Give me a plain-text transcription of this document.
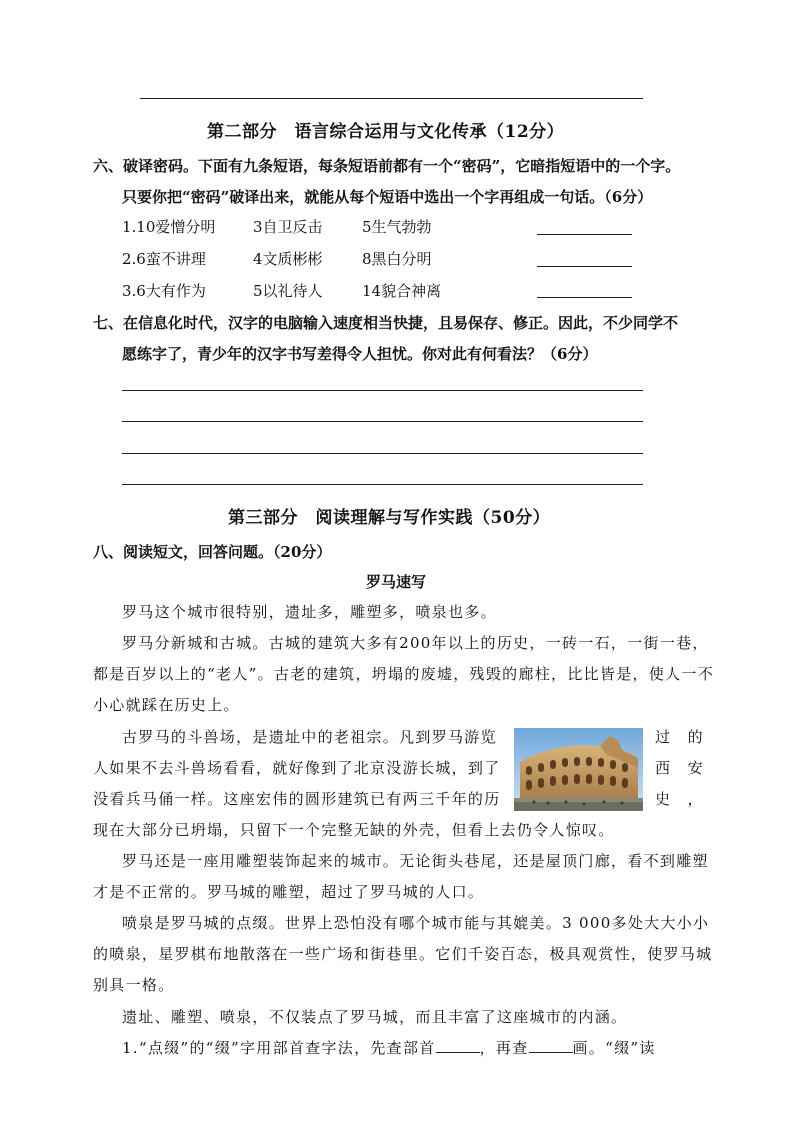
第二部分　语言综合运用与文化传承（12分）
六、破译密码。下面有九条短语，每条短语前都有一个“密码”，它暗指短语中的一个字。
只要你把“密码”破译出来，就能从每个短语中选出一个字再组成一句话。（6分）
1.10爱憎分明	3自卫反击	5生气勃勃
2.6蛮不讲理	4文质彬彬	8黑白分明
3.6大有作为	5以礼待人	14貌合神离
七、在信息化时代，汉字的电脑输入速度相当快捷，且易保存、修正。因此，不少同学不
愿练字了，青少年的汉字书写差得令人担忧。你对此有何看法？（6分）
第三部分　阅读理解与写作实践（50分）
八、阅读短文，回答问题。（20分）
罗马速写
罗马这个城市很特别，遗址多，雕塑多，喷泉也多。
罗马分新城和古城。古城的建筑大多有200年以上的历史，一砖一石，一街一巷，
都是百岁以上的“老人”。古老的建筑，坍塌的废墟，残毁的廊柱，比比皆是，使人一不
小心就踩在历史上。
古罗马的斗兽场，是遗址中的老祖宗。凡到罗马游览	过　的
人如果不去斗兽场看看，就好像到了北京没游长城，到了	西　安
没看兵马俑一样。这座宏伟的圆形建筑已有两三千年的历	史　，
现在大部分已坍塌，只留下一个完整无缺的外壳，但看上去仍令人惊叹。
罗马还是一座用雕塑装饰起来的城市。无论街头巷尾，还是屋顶门廊，看不到雕塑
才是不正常的。罗马城的雕塑，超过了罗马城的人口。
喷泉是罗马城的点缀。世界上恐怕没有哪个城市能与其媲美。3 000多处大大小小
的喷泉，星罗棋布地散落在一些广场和街巷里。它们千姿百态，极具观赏性，使罗马城
别具一格。
遗址、雕塑、喷泉，不仅装点了罗马城，而且丰富了这座城市的内涵。
1.“点缀”的“缀”字用部首查字法，先查部首	，再查	画。“缀”读
